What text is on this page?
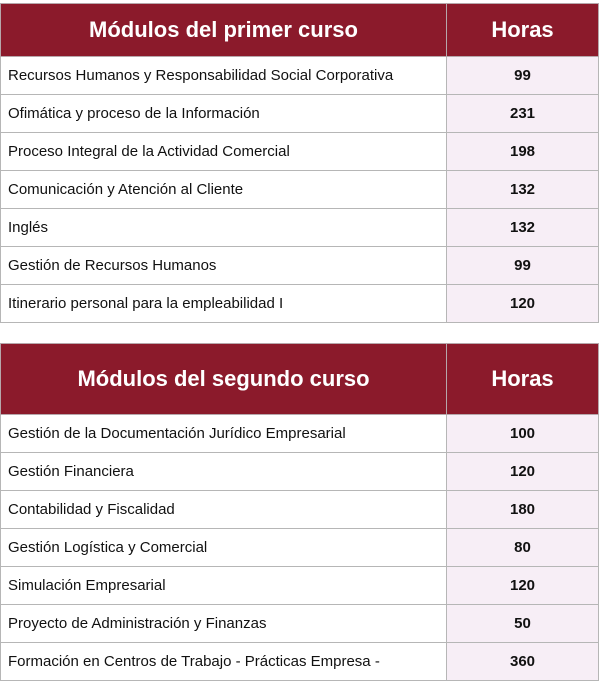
Módulos del primer curso	Horas
Recursos Humanos y Responsabilidad Social Corporativa	99
Ofimática y proceso de la Información	231
Proceso Integral de la Actividad Comercial	198
Comunicación y Atención al Cliente	132
Inglés	132
Gestión de Recursos Humanos	99
Itinerario personal para la empleabilidad I	120
Módulos del segundo curso	Horas
Gestión de la Documentación Jurídico Empresarial	100
Gestión Financiera	120
Contabilidad y Fiscalidad	180
Gestión Logística y Comercial	80
Simulación Empresarial	120
Proyecto de Administración y Finanzas	50
Formación en Centros de Trabajo - Prácticas Empresa -	360
